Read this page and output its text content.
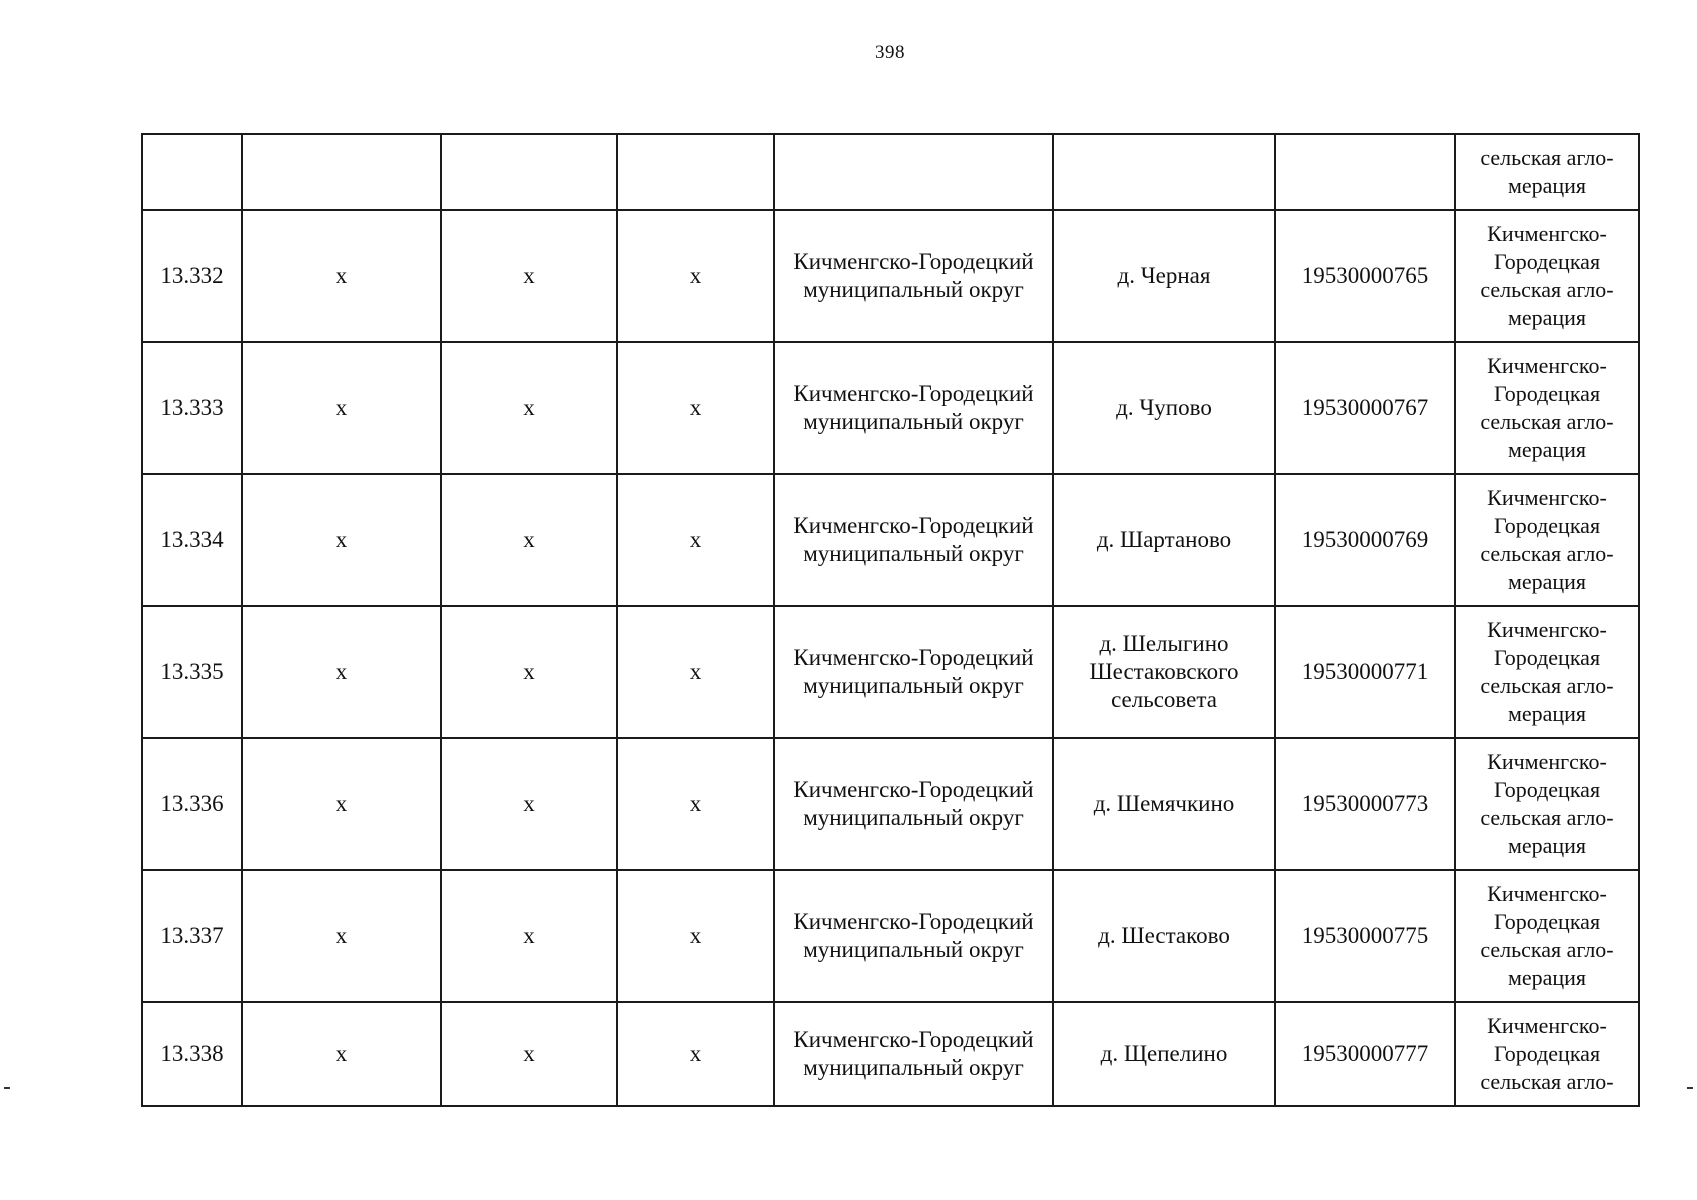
398

							сельская агло-
мерация

13.332	x	x	x	Кичменгско-Городецкий
муниципальный округ	д. Черная	19530000765	Кичменгско-
Городецкая
сельская агло-
мерация

13.333	x	x	x	Кичменгско-Городецкий
муниципальный округ	д. Чупово	19530000767	Кичменгско-
Городецкая
сельская агло-
мерация

13.334	x	x	x	Кичменгско-Городецкий
муниципальный округ	д. Шартаново	19530000769	Кичменгско-
Городецкая
сельская агло-
мерация

13.335	x	x	x	Кичменгско-Городецкий
муниципальный округ	д. Шелыгино
Шестаковского
сельсовета	19530000771	Кичменгско-
Городецкая
сельская агло-
мерация

13.336	x	x	x	Кичменгско-Городецкий
муниципальный округ	д. Шемячкино	19530000773	Кичменгско-
Городецкая
сельская агло-
мерация

13.337	x	x	x	Кичменгско-Городецкий
муниципальный округ	д. Шестаково	19530000775	Кичменгско-
Городецкая
сельская агло-
мерация

13.338	x	x	x	Кичменгско-Городецкий
муниципальный округ	д. Щепелино	19530000777	Кичменгско-
Городецкая
сельская агло-
